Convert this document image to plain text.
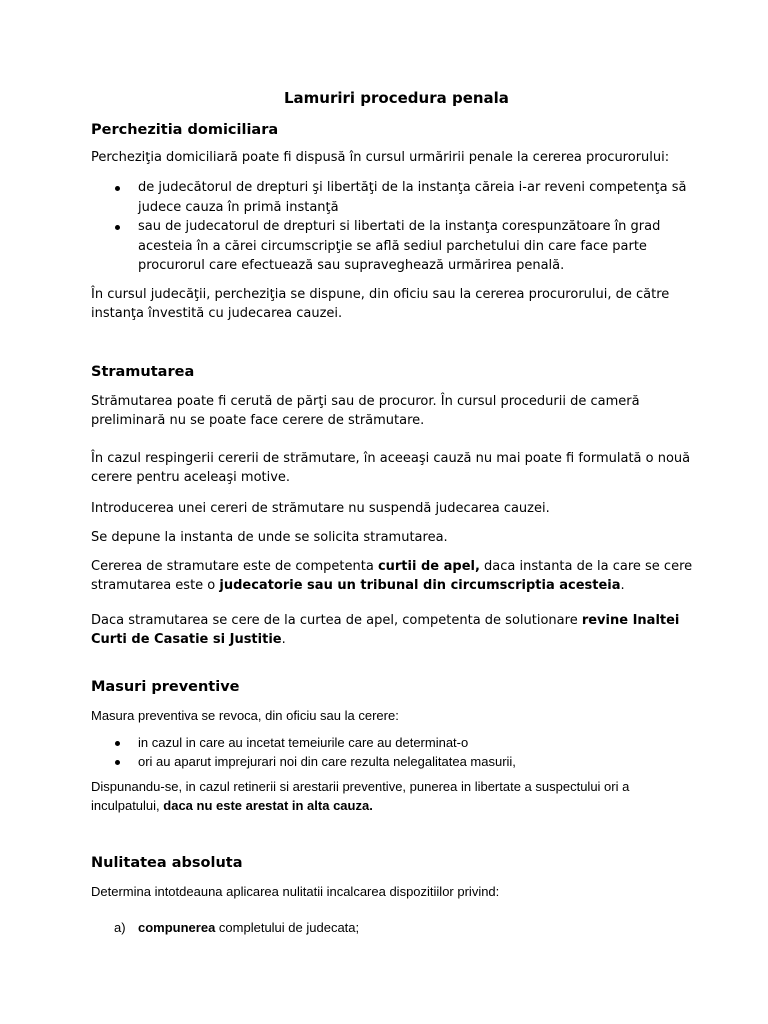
Lamuriri procedura penala
Perchezitia domiciliara
Percheziţia domiciliară poate fi dispusă în cursul urmăririi penale la cererea procurorului:
de judecătorul de drepturi şi libertăţi de la instanţa căreia i-ar reveni competenţa să
judece cauza în primă instanţă
sau de judecatorul de drepturi si libertati de la instanţa corespunzătoare în grad
acesteia în a cărei circumscripţie se află sediul parchetului din care face parte
procurorul care efectuează sau supraveghează urmărirea penală.
În cursul judecăţii, percheziţia se dispune, din oficiu sau la cererea procurorului, de către
instanţa învestită cu judecarea cauzei.
Stramutarea
Strămutarea poate fi cerută de părţi sau de procuror. În cursul procedurii de cameră
preliminară nu se poate face cerere de strămutare.
În cazul respingerii cererii de strămutare, în aceeaşi cauză nu mai poate fi formulată o nouă
cerere pentru aceleaşi motive.
Introducerea unei cereri de strămutare nu suspendă judecarea cauzei.
Se depune la instanta de unde se solicita stramutarea.
Cererea de stramutare este de competenta curtii de apel, daca instanta de la care se cere
stramutarea este o judecatorie sau un tribunal din circumscriptia acesteia.
Daca stramutarea se cere de la curtea de apel, competenta de solutionare revine Inaltei
Curti de Casatie si Justitie.
Masuri preventive
Masura preventiva se revoca, din oficiu sau la cerere:
in cazul in care au incetat temeiurile care au determinat-o
ori au aparut imprejurari noi din care rezulta nelegalitatea masurii,
Dispunandu-se, in cazul retinerii si arestarii preventive, punerea in libertate a suspectului ori a
inculpatului, daca nu este arestat in alta cauza.
Nulitatea absoluta
Determina intotdeauna aplicarea nulitatii incalcarea dispozitiilor privind:
a) compunerea completului de judecata;
